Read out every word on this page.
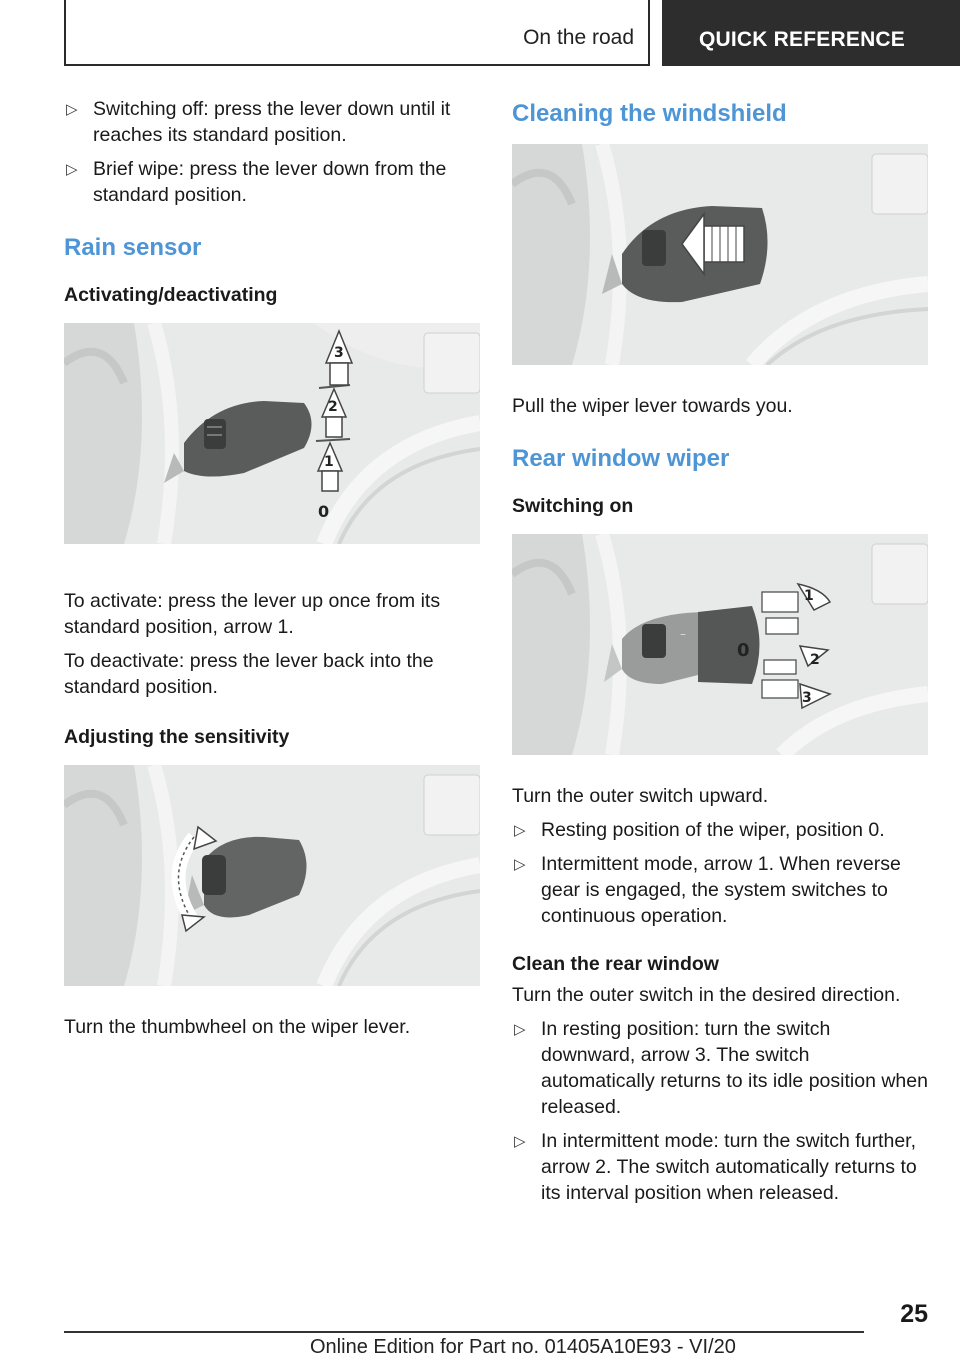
On the road	QUICK REFERENCE
▷ Switching off: press the lever down until it reaches its standard position.
▷ Brief wipe: press the lever down from the standard position.
Rain sensor
Activating/deactivating
3
2
1
0
To activate: press the lever up once from its standard position, arrow 1.
To deactivate: press the lever back into the standard position.
Adjusting the sensitivity
Turn the thumbwheel on the wiper lever.
Cleaning the windshield
Pull the wiper lever towards you.
Rear window wiper
Switching on
–
1
0	2
3
Turn the outer switch upward.
▷ Resting position of the wiper, position 0.
▷ Intermittent mode, arrow 1. When reverse gear is engaged, the system switches to continuous operation.
Clean the rear window
Turn the outer switch in the desired direction.
▷ In resting position: turn the switch downward, arrow 3. The switch automatically returns to its idle position when released.
▷ In intermittent mode: turn the switch further, arrow 2. The switch automatically returns to its interval position when released.
25
Online Edition for Part no. 01405A10E93 - VI/20
